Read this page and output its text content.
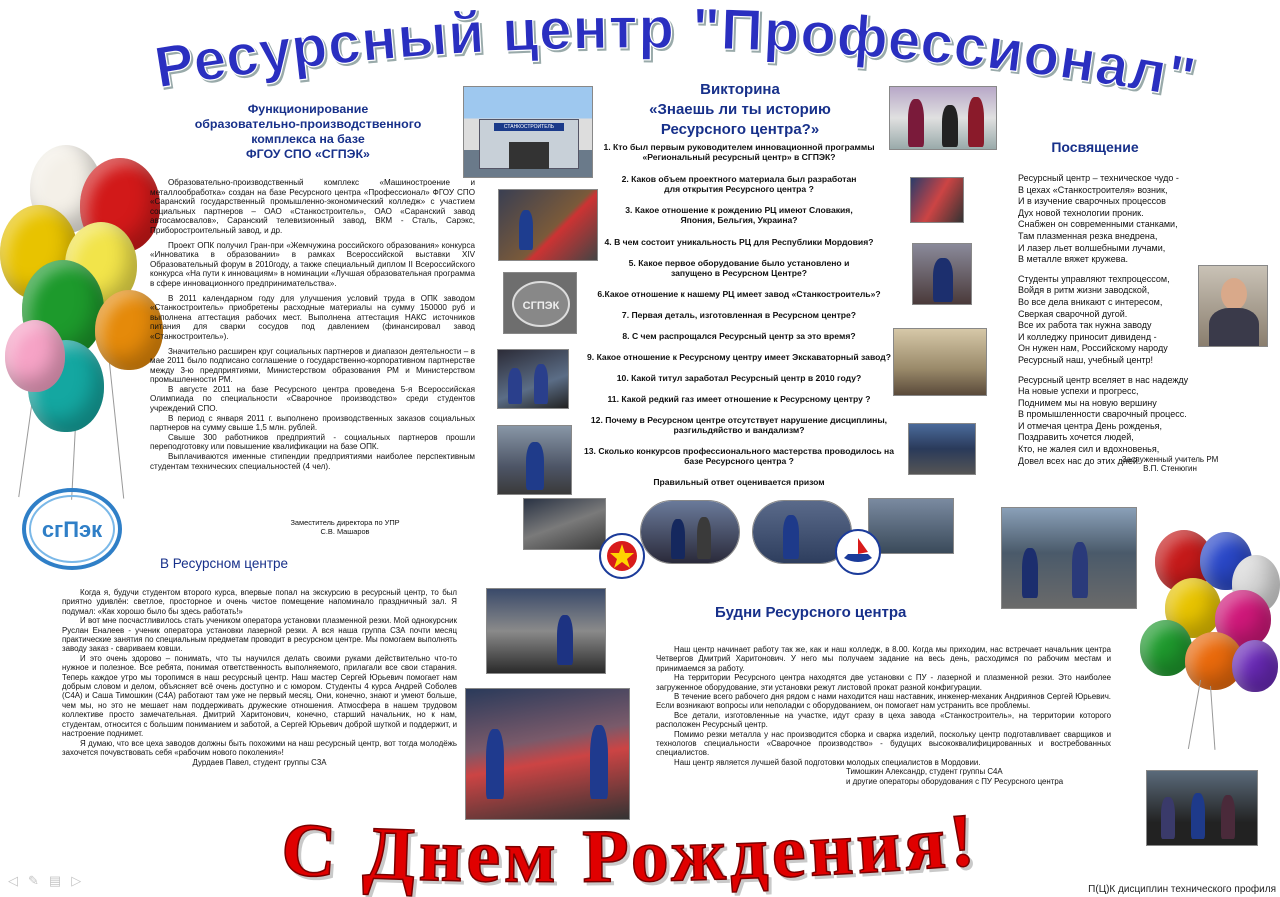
Ресурсный центр "Профессионал"
сгПэк
Функционирование
образовательно-производственного
комплекса на базе
ФГОУ СПО «СГПЭК»

Образовательно-производственный комплекс «Машиностроение и металлообработка» создан на базе Ресурсного центра «Профессионал» ФГОУ СПО «Саранский государственный промышленно-экономический колледж» с участием социальных партнеров – ОАО «Станкостроитель», ОАО «Саранский завод автосамосвалов», Саранский телевизионный завод, ВКМ - Сталь, Сарэкс, Приборостроительный завод, и др.

Проект ОПК получил Гран-при «Жемчужина российского образования» конкурса «Инноватика в образовании» в рамках Всероссийской выставки XIV Образовательный форум в 2010году, а также специальный диплом II Всероссийского конкурса «На пути к инновациям» в номинации «Лучшая образовательная программа в сфере инновационного предпринимательства».

В 2011 календарном году для улучшения условий труда в ОПК заводом «Станкостроитель» приобретены расходные материалы на сумму 150000 руб и выполнена аттестация рабочих мест. Выполнена аттестация НАКС источников питания для сварки сосудов под давлением (финансировал завод «Станкостроитель»).

Значительно расширен круг социальных партнеров и диапазон деятельности – в мае 2011 было подписано соглашение о государственно-корпоративном партнерстве между 3-ю предприятиями, Министерством образования РМ и Министерством промышленности РМ.

В августе 2011 на базе Ресурсного центра проведена 5-я Всероссийская Олимпиада по специальности «Сварочное производство» среди студентов учреждений СПО.

В период с января 2011 г. выполнено производственных заказов социальных партнеров на сумму свыше 1,5 млн. рублей.

Свыше 300 работников предприятий - социальных партнеров прошли переподготовку или повышение квалификации на базе ОПК.

Выплачиваются именные стипендии предприятиями наиболее перспективным студентам технических специальностей (4 чел).

Заместитель директора по УПР
С.В. Машаров
СТАНКОСТРОИТЕЛЬ
СГПЭК
Викторина
«Знаешь ли ты историю
Ресурсного центра?»
1. Кто был первым руководителем инновационной программы «Региональный ресурсный центр» в СГПЭК?
2. Каков объем проектного материала был разработан для открытия Ресурсного центра ?
3. Какое отношение к рождению РЦ имеют Словакия, Япония, Бельгия, Украина?
4. В чем состоит уникальность РЦ для Республики Мордовия?
5. Какое первое оборудование было установлено и запущено в Ресурсном Центре?
6.Какое отношение к нашему РЦ имеет завод «Станкостроитель»?
7. Первая деталь, изготовленная в Ресурсном центре?
8. С чем распрощался Ресурсный центр за это время?
9. Какое отношение к Ресурсному центру имеет Экскаваторный завод?
10. Какой титул заработал Ресурсный центр в 2010 году?
11. Какой редкий газ имеет отношение к Ресурсному центру ?
12. Почему в Ресурсном центре отсутствует нарушение дисциплины, разгильдяйство и вандализм?
13. Сколько конкурсов профессионального мастерства проводилось на базе Ресурсного центра ?
Правильный ответ оценивается призом
Посвящение
Ресурсный центр – техническое чудо -
В цехах «Станкостроителя» возник,
И в изучение сварочных процессов
Дух новой технологии проник.
Снабжен он современными станками,
Там плазменная резка внедрена,
И лазер льет волшебными лучами,
В металле вяжет кружева.
Студенты управляют техпроцессом,
Войдя в ритм жизни заводской,
Во все дела вникают с интересом,
Сверкая сварочной дугой.
Все их работа так нужна заводу
И колледжу приносит дивиденд -
Он нужен нам, Российскому народу
Ресурсный наш, учебный центр!
Ресурсный центр вселяет в нас надежду
На новые успехи и прогресс,
Поднимем мы на новую вершину
В промышленности сварочный процесс.
И отмечая центра День рожденья,
Поздравить хочется людей,
Кто, не жалея сил и вдохновенья,
Довел всех нас до этих дней.
Заслуженный учитель РМ
В.П. Стенюгин
В Ресурсном центре

Когда я, будучи студентом второго курса, впервые попал на экскурсию в ресурсный центр, то был приятно удивлён: светлое, просторное и очень чистое помещение напоминало праздничный зал. Я подумал: «Как хорошо было бы здесь работать!»

И вот мне посчастливилось стать учеником оператора установки плазменной резки. Мой однокурсник Руслан Еналеев - ученик оператора установки лазерной резки. А вся наша группа С3А почти месяц практические занятия по специальным предметам проводит в ресурсном центре. Мы помогаем выполнять заводу заказ - свариваем ковши.

И это очень здорово – понимать, что ты научился делать своими руками действительно что-то нужное и полезное. Все ребята, понимая ответственность выполняемого, прилагали все свои старания. Теперь каждое утро мы торопимся в наш ресурсный центр. Наш мастер Сергей Юрьевич помогает нам добрым словом и делом, объясняет всё очень доступно и с юмором. Студенты 4 курса Андрей Соболев (С4А) и Саша Тимошкин (С4А) работают там уже не первый месяц. Они, конечно, знают и умеют больше, чем мы, но это не мешает нам поддерживать дружеские отношения. Атмосфера в нашем трудовом коллективе просто замечательная. Дмитрий Харитонович, конечно, старший начальник, но к нам, студентам, относится с большим пониманием и заботой, а Сергей Юрьевич доброй шуткой и поддержит, и настроение поднимет.

Я думаю, что все цеха заводов должны быть похожими на наш ресурсный центр, вот тогда молодёжь захочется почувствовать себя «рабочим нового поколения»!

Дурдаев Павел, студент группы С3А
Будни Ресурсного центра

Наш центр начинает работу так же, как и наш колледж, в 8.00. Когда мы приходим, нас встречает начальник центра Четвергов Дмитрий Харитонович. У него мы получаем задание на весь день, расходимся по рабочим местам и принимаемся за работу.

На территории Ресурсного центра находятся две установки с ПУ - лазерной и плазменной резки. Это наиболее загруженное оборудование, эти установки режут листовой прокат разной конфигурации.

В течение всего рабочего дня рядом с нами находится наш наставник, инженер-механик Андриянов Сергей Юрьевич. Если возникают вопросы или неполадки с оборудованием, он помогает нам устранить все проблемы.

Все детали, изготовленные на участке, идут сразу в цеха завода «Станкостроитель», на территории которого расположен Ресурсный центр.

Помимо резки металла у нас производится сборка и сварка изделий, поскольку центр подготавливает сварщиков и технологов специальности «Сварочное производство» - будущих высококвалифицированных и востребованных специалистов.

Наш центр является лучшей базой подготовки молодых специалистов в Мордовии.

Тимошкин Александр, студент группы С4А
и другие операторы оборудования с ПУ Ресурсного центра
С Днем Рождения!
◁ ✎ ▤ ▷
П(Ц)К дисциплин технического профиля
